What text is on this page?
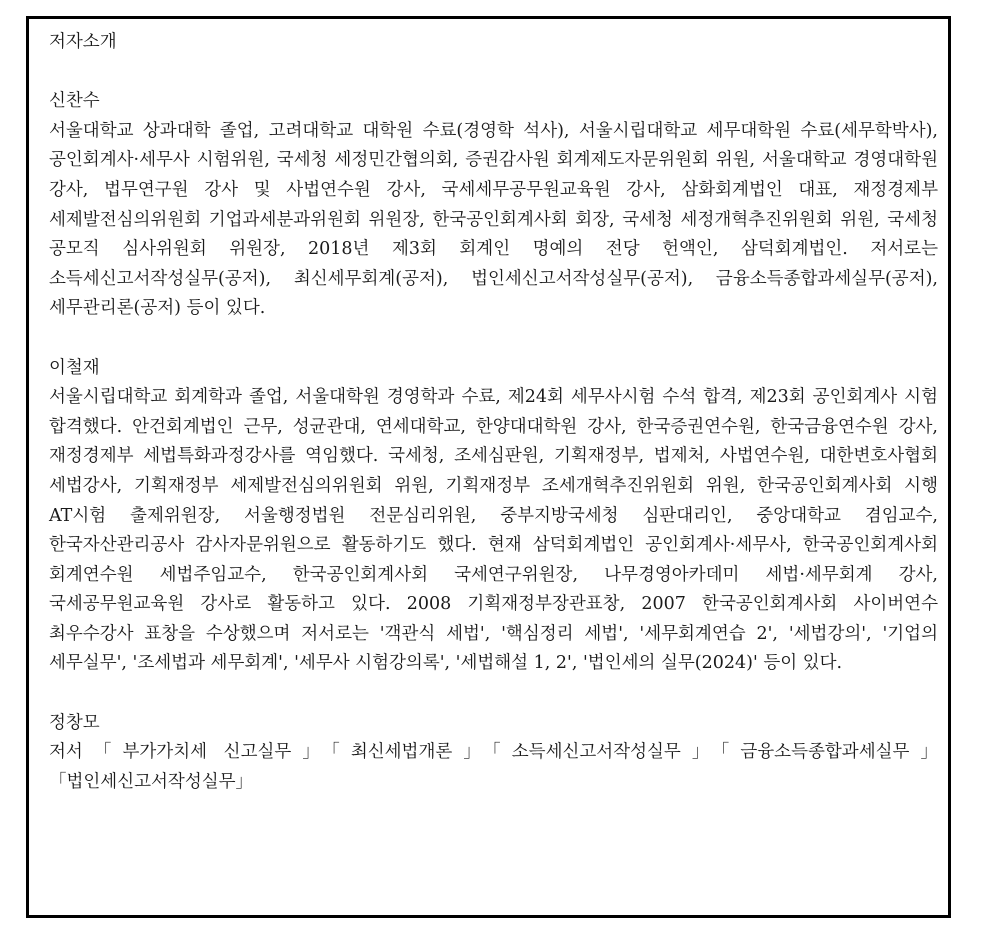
저자소개

신찬수

서울대학교 상과대학 졸업, 고려대학교 대학원 수료(경영학 석사), 서울시립대학교 세무대학원 수료(세무학박사), 공인회계사·세무사 시험위원, 국세청 세정민간협의회, 증권감사원 회계제도자문위원회 위원, 서울대학교 경영대학원 강사, 법무연구원 강사 및 사법연수원 강사, 국세세무공무원교육원 강사, 삼화회계법인 대표, 재정경제부 세제발전심의위원회 기업과세분과위원회 위원장, 한국공인회계사회 회장, 국세청 세정개혁추진위원회 위원, 국세청 공모직 심사위원회 위원장, 2018년 제3회 회계인 명예의 전당 헌액인, 삼덕회계법인. 저서로는 소득세신고서작성실무(공저), 최신세무회계(공저), 법인세신고서작성실무(공저), 금융소득종합과세실무(공저), 세무관리론(공저) 등이 있다.

이철재

서울시립대학교 회계학과 졸업, 서울대학원 경영학과 수료, 제24회 세무사시험 수석 합격, 제23회 공인회계사 시험 합격했다. 안건회계법인 근무, 성균관대, 연세대학교, 한양대대학원 강사, 한국증권연수원, 한국금융연수원 강사, 재정경제부 세법특화과정강사를 역임했다. 국세청, 조세심판원, 기획재정부, 법제처, 사법연수원, 대한변호사협회 세법강사, 기획재정부 세제발전심의위원회 위원, 기획재정부 조세개혁추진위원회 위원, 한국공인회계사회 시행 AT시험 출제위원장, 서울행정법원 전문심리위원, 중부지방국세청 심판대리인, 중앙대학교 겸임교수, 한국자산관리공사 감사자문위원으로 활동하기도 했다. 현재 삼덕회계법인 공인회계사·세무사, 한국공인회계사회 회계연수원 세법주임교수, 한국공인회계사회 국세연구위원장, 나무경영아카데미 세법·세무회계 강사, 국세공무원교육원 강사로 활동하고 있다. 2008 기획재정부장관표창, 2007 한국공인회계사회 사이버연수 최우수강사 표창을 수상했으며 저서로는 '객관식 세법', '핵심정리 세법', '세무회계연습 2', '세법강의', '기업의 세무실무', '조세법과 세무회계', '세무사 시험강의록', '세법해설 1, 2', '법인세의 실무(2024)' 등이 있다.

정창모

저서「부가가치세 신고실무」「최신세법개론」「소득세신고서작성실무」「금융소득종합과세실무」「법인세신고서작성실무」
